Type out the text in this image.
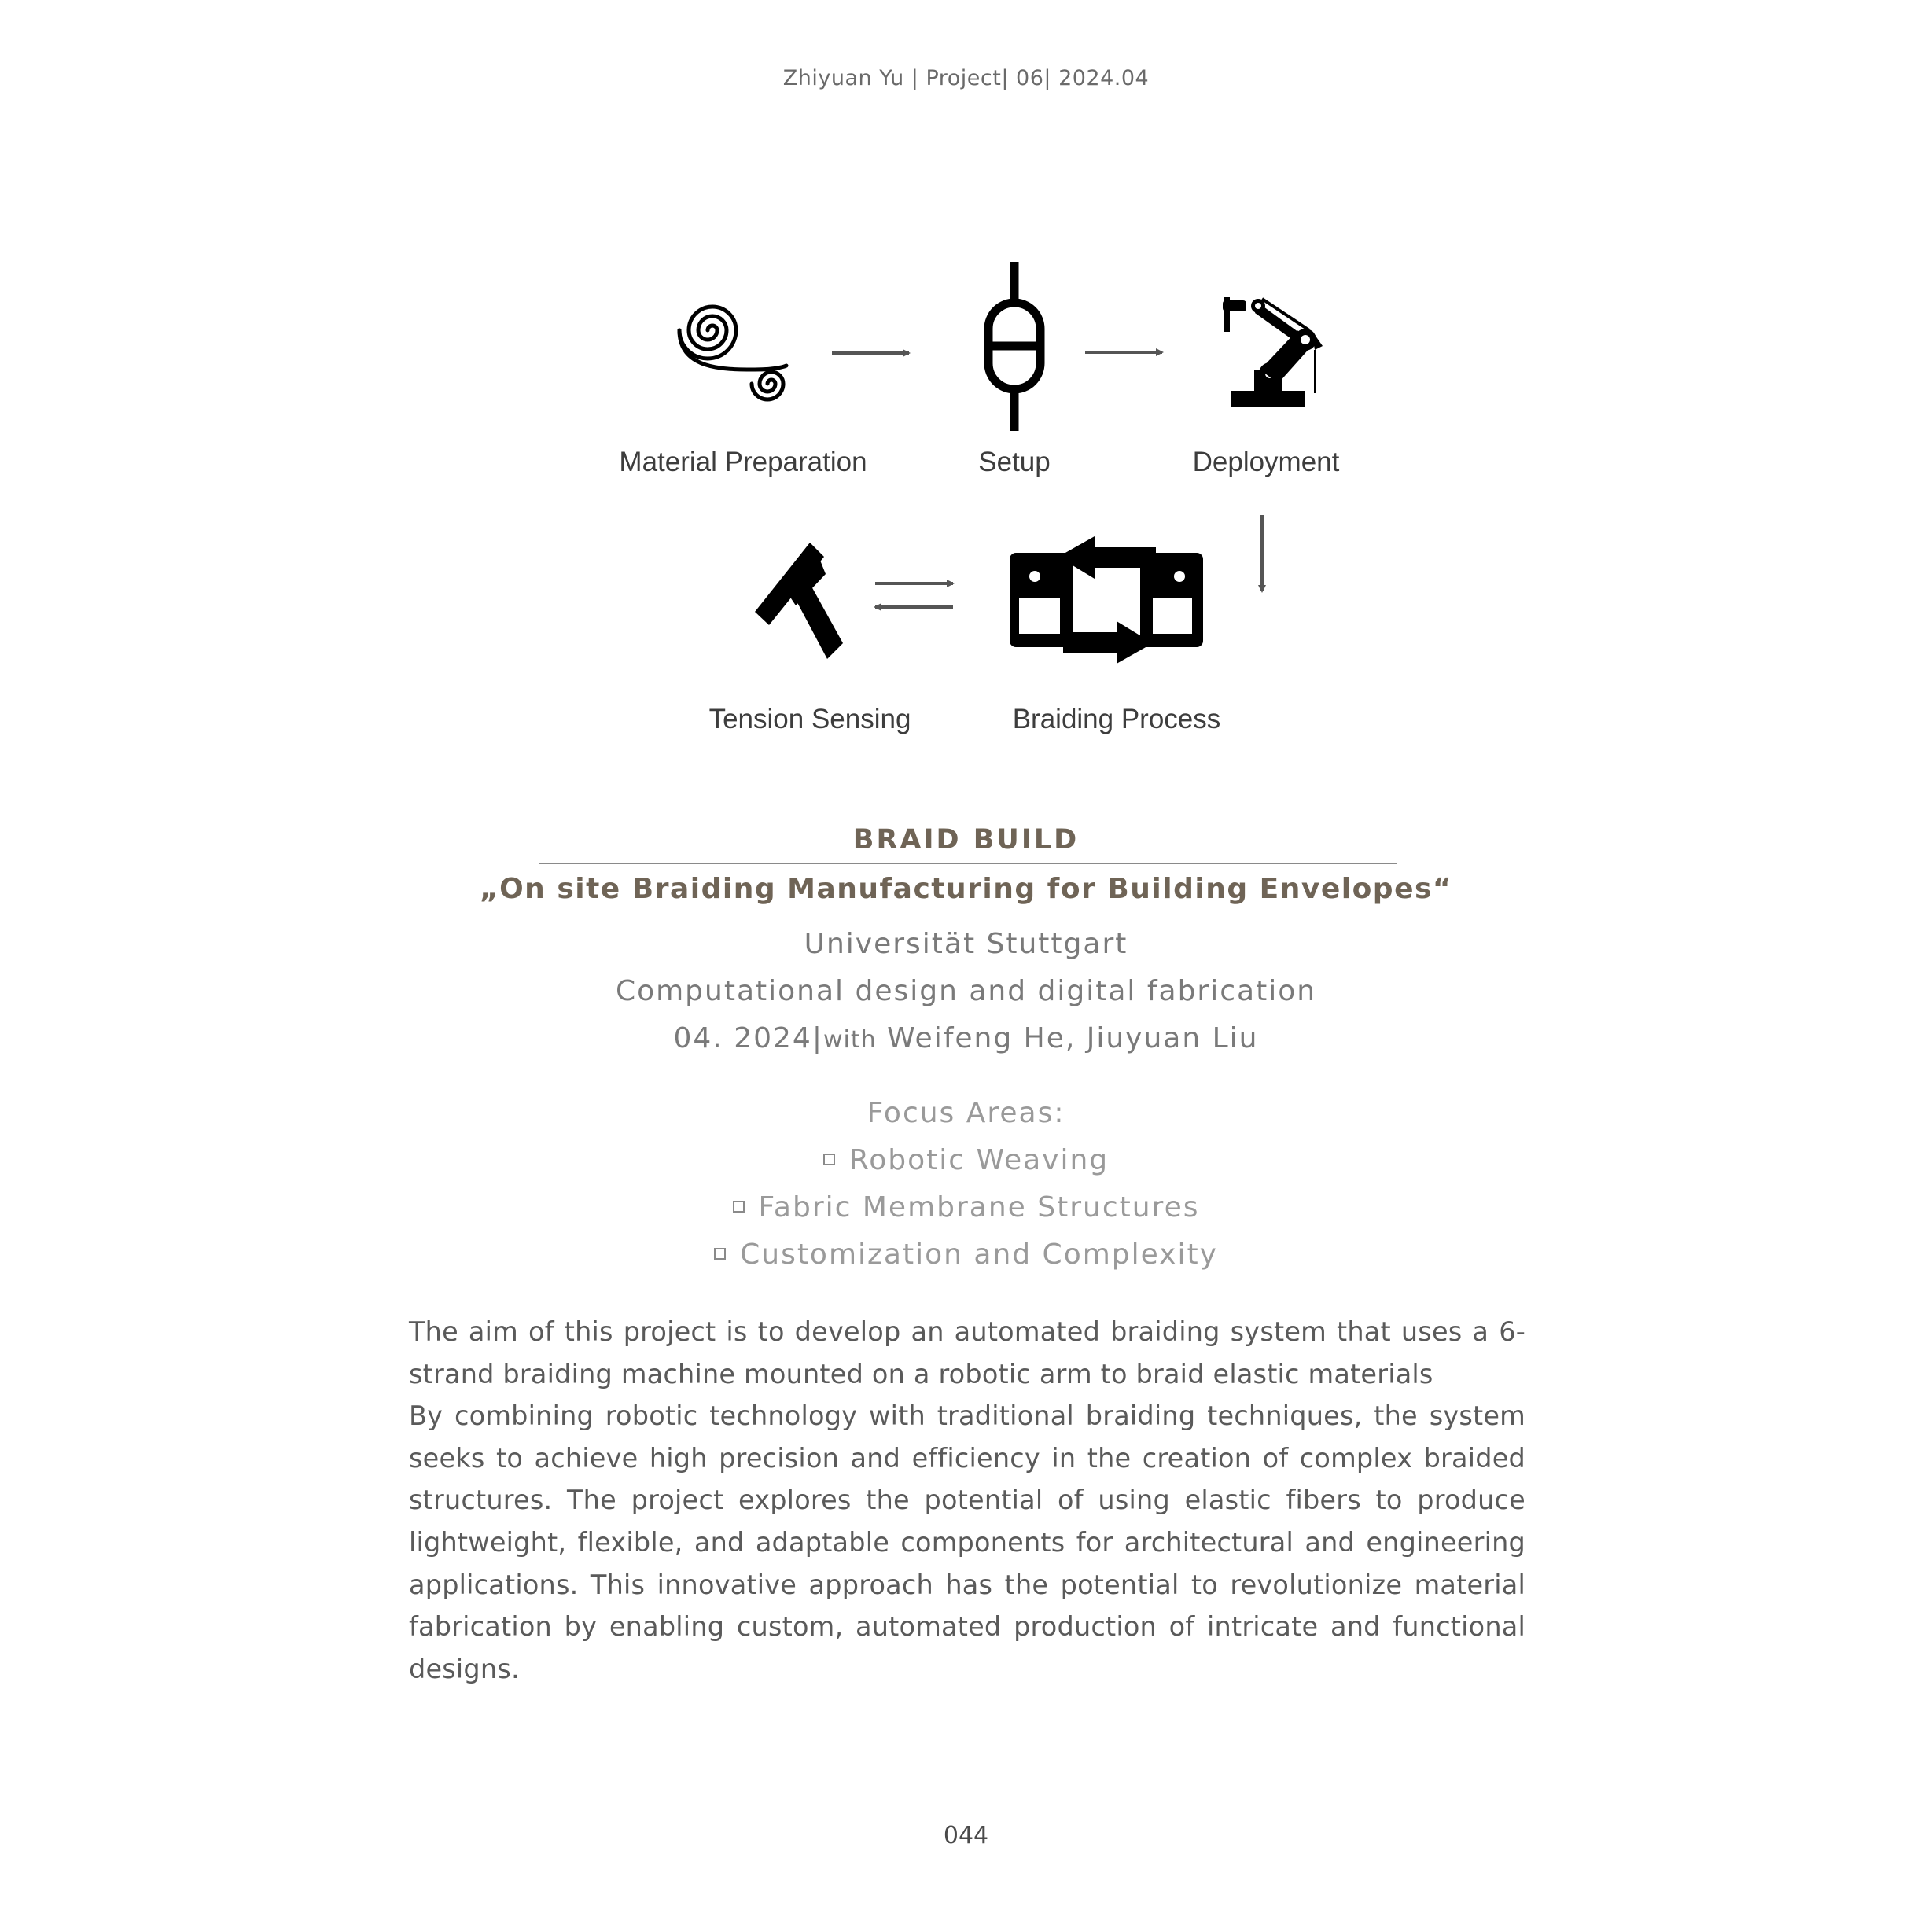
Zhiyuan Yu | Project| 06| 2024.04
Material Preparation	Setup	Deployment
Tension Sensing	Braiding Process
BRAID BUILD
„On site Braiding Manufacturing for Building Envelopes“
Universität Stuttgart
Computational design and digital fabrication
04. 2024|with Weifeng He, Jiuyuan Liu
Focus Areas:
Robotic Weaving
Fabric Membrane Structures
Customization and Complexity

The aim of this project is to develop an automated braiding system that uses a 6-strand braiding machine mounted on a robotic arm to braid elastic materials

By combining robotic technology with traditional braiding techniques, the system seeks to achieve high precision and efficiency in the creation of complex braided structures. The project explores the potential of using elastic fibers to produce lightweight, flexible, and adaptable components for architectural and engineering applications. This innovative approach has the potential to revolutionize material fabrication by enabling custom, automated production of intricate and functional designs.

044
